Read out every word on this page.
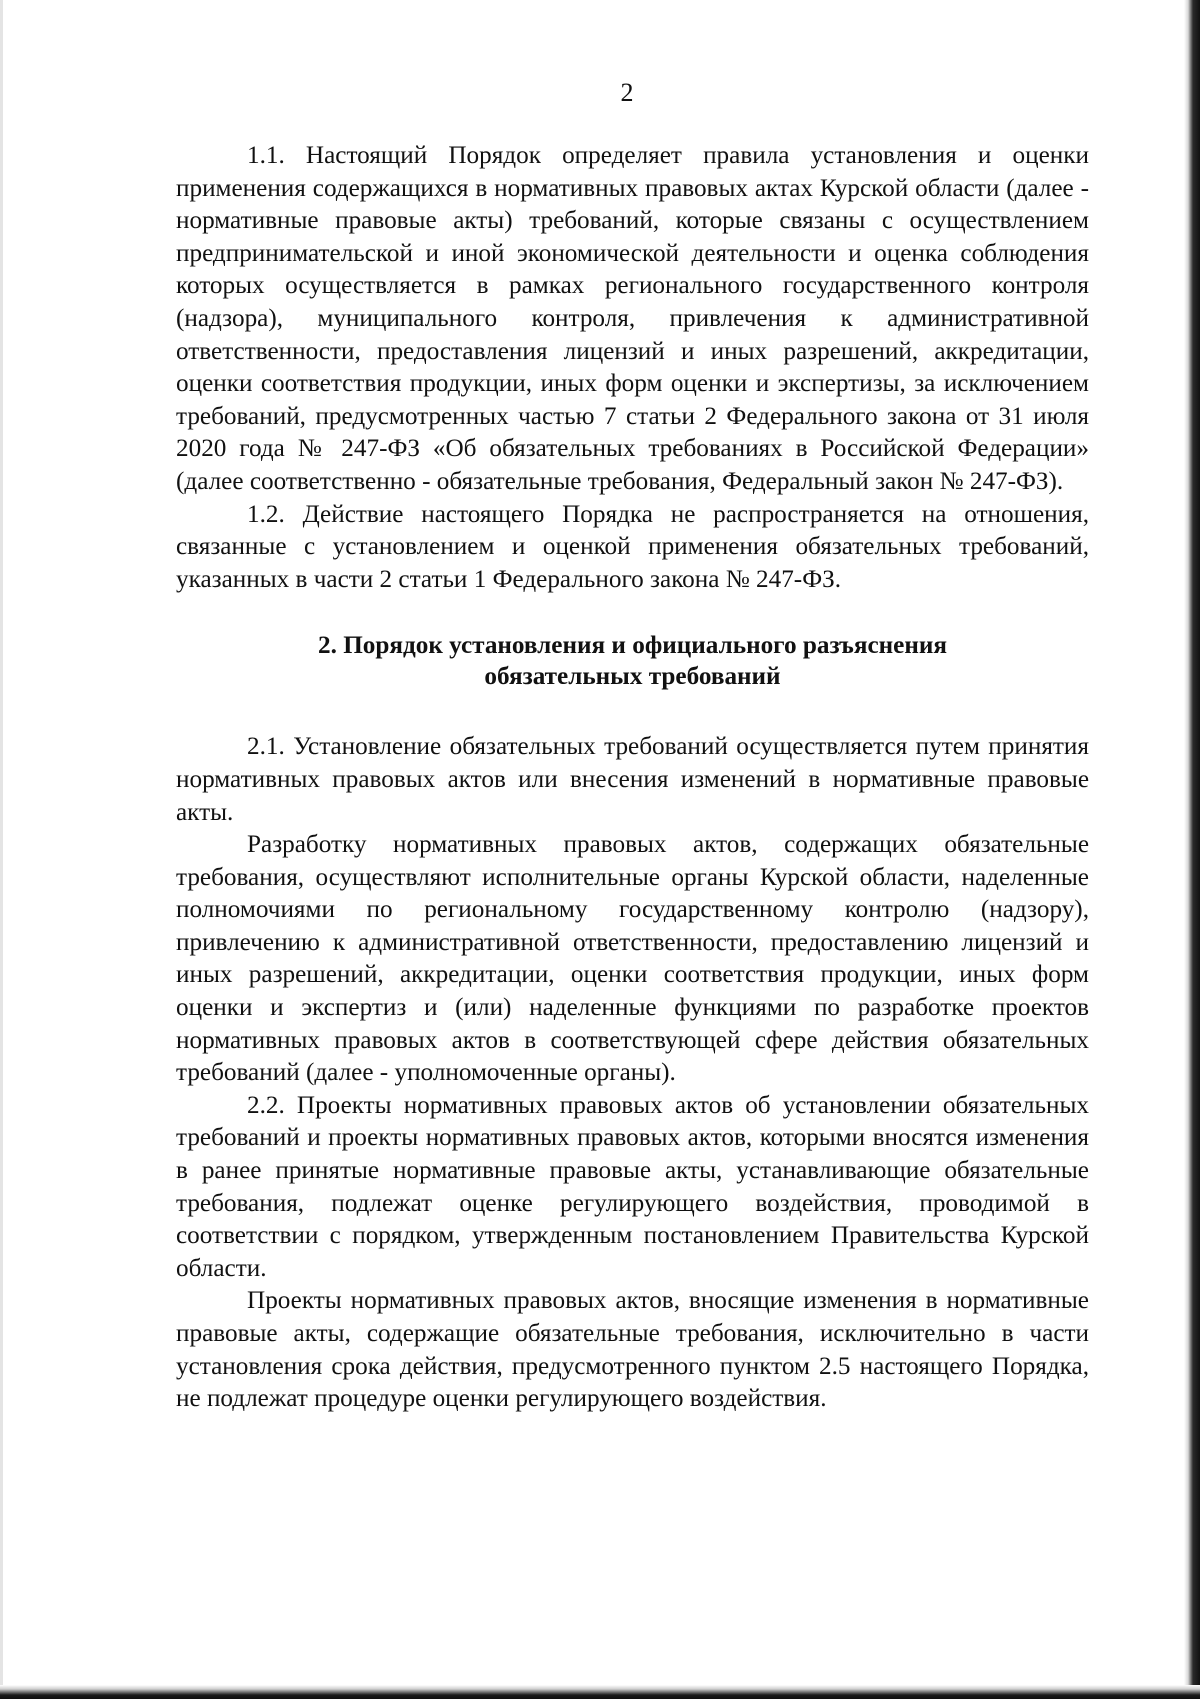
2

1.1. Настоящий Порядок определяет правила установления и оценки применения содержащихся в нормативных правовых актах Курской области (далее - нормативные правовые акты) требований, которые связаны с осуществлением предпринимательской и иной экономической деятельности и оценка соблюдения которых осуществляется в рамках регионального государственного контроля (надзора), муниципального контроля, привлечения к административной ответственности, предоставления лицензий и иных разрешений, аккредитации, оценки соответствия продукции, иных форм оценки и экспертизы, за исключением требований, предусмотренных частью 7 статьи 2 Федерального закона от 31 июля 2020 года № 247-ФЗ «Об обязательных требованиях в Российской Федерации» (далее соответственно - обязательные требования, Федеральный закон № 247-ФЗ).

1.2. Действие настоящего Порядка не распространяется на отношения, связанные с установлением и оценкой применения обязательных требований, указанных в части 2 статьи 1 Федерального закона № 247-ФЗ.

2. Порядок установления и официального разъяснения
обязательных требований

2.1. Установление обязательных требований осуществляется путем принятия нормативных правовых актов или внесения изменений в нормативные правовые акты.

Разработку нормативных правовых актов, содержащих обязательные требования, осуществляют исполнительные органы Курской области, наделенные полномочиями по региональному государственному контролю (надзору), привлечению к административной ответственности, предоставлению лицензий и иных разрешений, аккредитации, оценки соответствия продукции, иных форм оценки и экспертиз и (или) наделенные функциями по разработке проектов нормативных правовых актов в соответствующей сфере действия обязательных требований (далее - уполномоченные органы).

2.2. Проекты нормативных правовых актов об установлении обязательных требований и проекты нормативных правовых актов, которыми вносятся изменения в ранее принятые нормативные правовые акты, устанавливающие обязательные требования, подлежат оценке регулирующего воздействия, проводимой в соответствии с порядком, утвержденным постановлением Правительства Курской области.

Проекты нормативных правовых актов, вносящие изменения в нормативные правовые акты, содержащие обязательные требования, исключительно в части установления срока действия, предусмотренного пунктом 2.5 настоящего Порядка, не подлежат процедуре оценки регулирующего воздействия.
